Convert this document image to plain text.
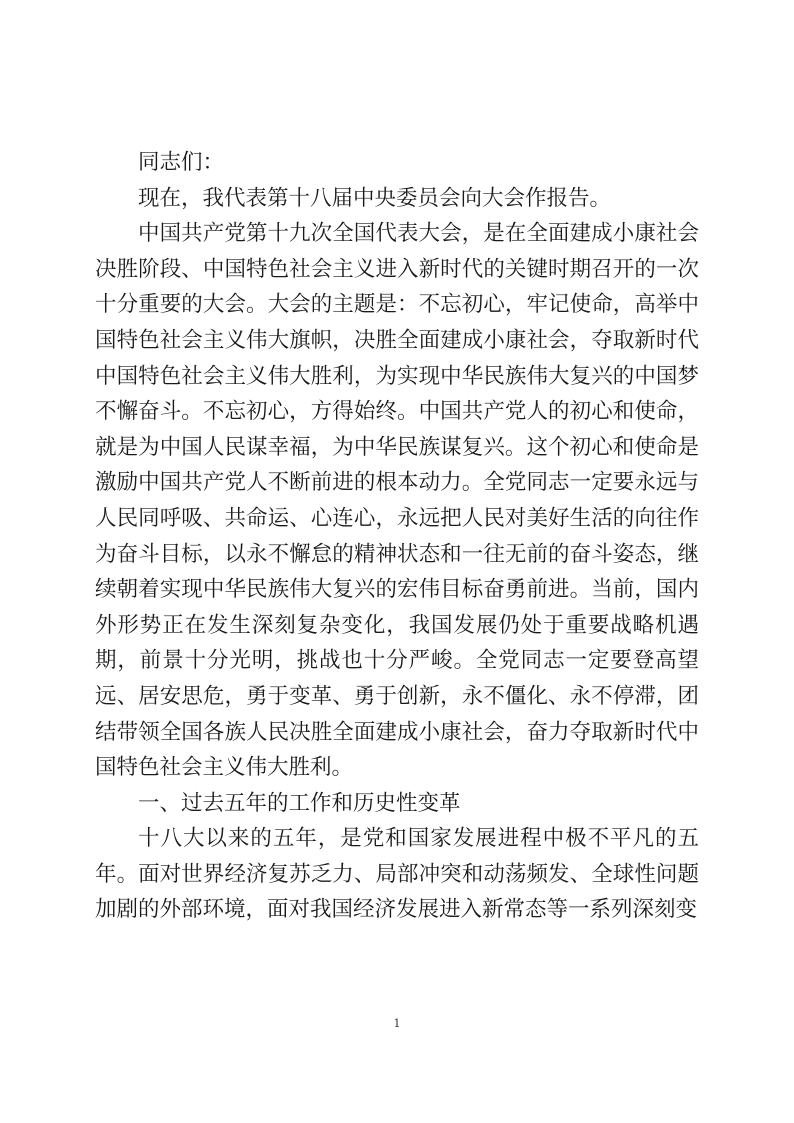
同志们：

现在，我代表第十八届中央委员会向大会作报告。

中国共产党第十九次全国代表大会，是在全面建成小康社会决胜阶段、中国特色社会主义进入新时代的关键时期召开的一次十分重要的大会。大会的主题是：不忘初心，牢记使命，高举中国特色社会主义伟大旗帜，决胜全面建成小康社会，夺取新时代中国特色社会主义伟大胜利，为实现中华民族伟大复兴的中国梦不懈奋斗。不忘初心，方得始终。中国共产党人的初心和使命，就是为中国人民谋幸福，为中华民族谋复兴。这个初心和使命是激励中国共产党人不断前进的根本动力。全党同志一定要永远与人民同呼吸、共命运、心连心，永远把人民对美好生活的向往作为奋斗目标，以永不懈怠的精神状态和一往无前的奋斗姿态，继续朝着实现中华民族伟大复兴的宏伟目标奋勇前进。当前，国内外形势正在发生深刻复杂变化，我国发展仍处于重要战略机遇期，前景十分光明，挑战也十分严峻。全党同志一定要登高望远、居安思危，勇于变革、勇于创新，永不僵化、永不停滞，团结带领全国各族人民决胜全面建成小康社会，奋力夺取新时代中国特色社会主义伟大胜利。

一、过去五年的工作和历史性变革

十八大以来的五年，是党和国家发展进程中极不平凡的五年。面对世界经济复苏乏力、局部冲突和动荡频发、全球性问题加剧的外部环境，面对我国经济发展进入新常态等一系列深刻变

1
